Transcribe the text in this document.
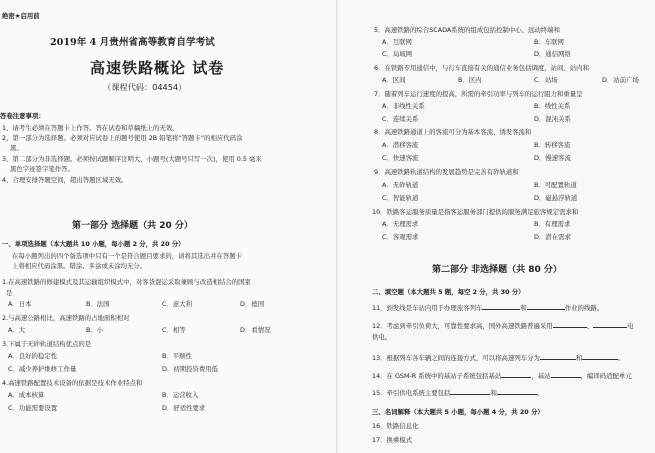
绝密★启用前
2019年 4 月贵州省高等教育自学考试
高速铁路概论 试卷
（课程代码：04454）
答卷注意事项：
1、请考生必须在答题卡上作答。答在试卷和草稿纸上的无效。
2、第一部分为选择题。必须对应试卷上的题号使用 2B 铅笔将“答题卡”的相应代码涂
黑。
3、第二部分为非选择题。必须按试题顺序注明大、小题号(大题号只写一次)，使用 0.5 毫米
黑色字迹签字笔作答。
4、合理安排答题空间，超出答题区域无效。
第一部分 选择题（共 20 分）
一、单项选择题（本大题共 10 小题，每小题 2 分，共 20 分）
在每小题列出的四个备选项中只有一个是符合题目要求的，请将其选出并在答题卡
上将相应代码涂黑。错涂、多涂或未涂均无分。
1.在高速铁路的修建模式及其运输组织模式中，对客货混运采取兼顾与改造相结合的国家
是
A．日本	B．法国	C．意大利	D．德国
2.与高速公路相比，高速铁路的占地面积相对
A．大	B．小	C．相等	D．看情况
3.下属于无砟轨道结构优点的是
A．良好的稳定性	B．平顺性
C．减少养护维修工作量	D．初期投资费用低
4.高速铁路配置技术设备的依据是技术作业特点和
A．成本核算	B．运营收入
C．功能需要设置	D．舒适性要求
5．高速铁路的综合SCADA系统的组成包括控制中心、远动终端和
A．互联网	B．车联网
C．局域网	D．通信网络
6．在铁路专用通信中，与行车直接有关的通信业务包括调度、站间、站内和
A．区间	B．区内	C．站场	D．站前广场
7．随着列车运行速度的提高，所需的牵引功率与列车的运行阻力和重量呈
A．非线性关系	B．线性关系
C．连续关系	D．混沌关系
8．高速铁路通道上的客流可分为基本客流、诱发客流和
A．潜移客流	B．转移客流
C．快速客流	D．慢速客流
9．高速铁路轨道结构的发展趋势是完善有砟轨道和
A．无砟轨道	B．可配置轨道
C．智能轨道	D．磁悬浮轨道
10．铁路客运服务质量是指客运服务部门提供的服务满足旅客规定需求和
A．无理需求	B．有理需求
C．客观需求	D．潜在需求
第二部分 非选择题（共 80 分）
二、填空题（本大题共 5 题，每空 2 分，共 30 分）
11．到发线是车站内用于办理旅客列车	和	作业的线路。
12．考虑到牵引负荷大，可靠性要求高，国外高速铁路普遍采用	、	电
供电。
13．根据列车各车辆之间的连接方式，可以将高速列车分为	和	。
14．在 GSM-R 系统中的基站子系统包括基站	，基站	，编译码适配单元
15．牵引供电系统主要包括	和	。
三、名词解释（本大题共 5 小题，每小题 4 分，共 20 分）
16．铁路信息化
17．换乘模式
